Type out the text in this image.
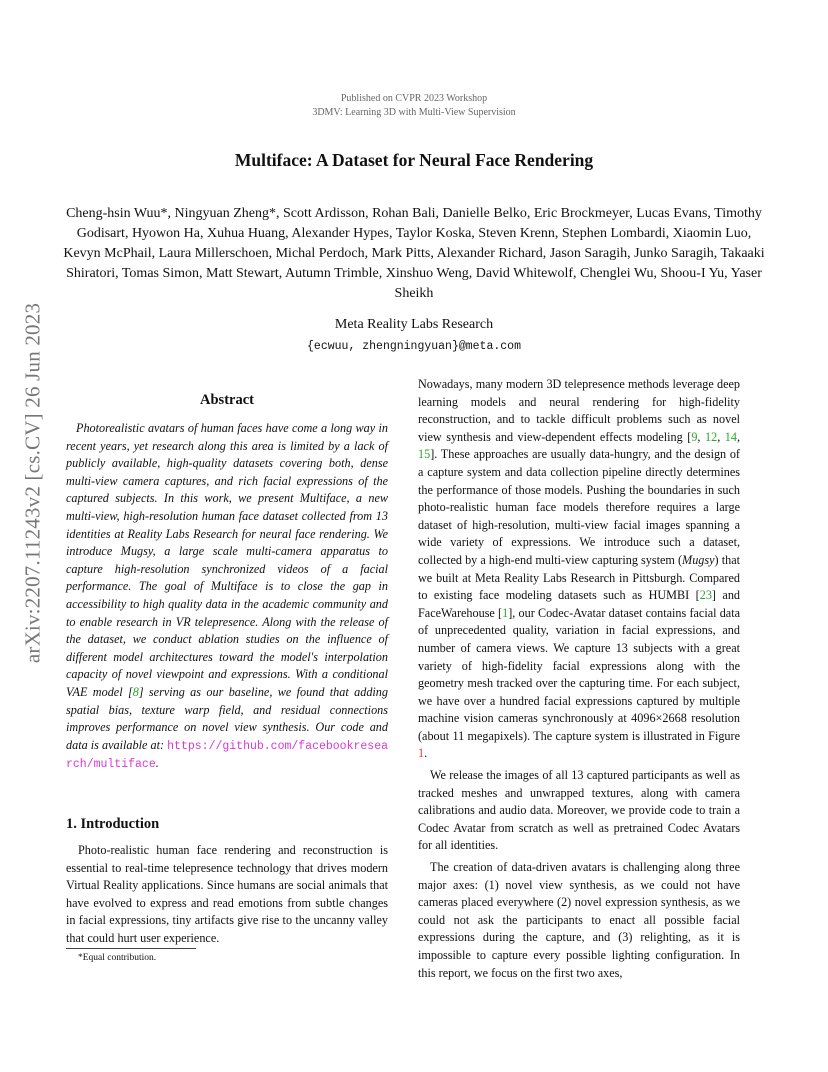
Published on CVPR 2023 Workshop
3DMV: Learning 3D with Multi-View Supervision
Multiface: A Dataset for Neural Face Rendering
Cheng-hsin Wuu*, Ningyuan Zheng*, Scott Ardisson, Rohan Bali, Danielle Belko, Eric Brockmeyer, Lucas Evans, Timothy Godisart, Hyowon Ha, Xuhua Huang, Alexander Hypes, Taylor Koska, Steven Krenn, Stephen Lombardi, Xiaomin Luo, Kevyn McPhail, Laura Millerschoen, Michal Perdoch, Mark Pitts, Alexander Richard, Jason Saragih, Junko Saragih, Takaaki Shiratori, Tomas Simon, Matt Stewart, Autumn Trimble, Xinshuo Weng, David Whitewolf, Chenglei Wu, Shoou-I Yu, Yaser Sheikh
Meta Reality Labs Research
{ecwuu, zhengningyuan}@meta.com
arXiv:2207.11243v2 [cs.CV] 26 Jun 2023	Abstract

Photorealistic avatars of human faces have come a long way in recent years, yet research along this area is limited by a lack of publicly available, high-quality datasets covering both, dense multi-view camera captures, and rich facial expressions of the captured subjects. In this work, we present Multiface, a new multi-view, high-resolution human face dataset collected from 13 identities at Reality Labs Research for neural face rendering. We introduce Mugsy, a large scale multi-camera apparatus to capture high-resolution synchronized videos of a facial performance. The goal of Multiface is to close the gap in accessibility to high quality data in the academic community and to enable research in VR telepresence. Along with the release of the dataset, we conduct ablation studies on the influence of different model architectures toward the model's interpolation capacity of novel viewpoint and expressions. With a conditional VAE model [8] serving as our baseline, we found that adding spatial bias, texture warp field, and residual connections improves performance on novel view synthesis. Our code and data is available at: https://github.com/facebookresearch/multiface.

1. Introduction

Photo-realistic human face rendering and reconstruction is essential to real-time telepresence technology that drives modern Virtual Reality applications. Since humans are social animals that have evolved to express and read emotions from subtle changes in facial expressions, tiny artifacts give rise to the uncanny valley that could hurt user experience.

*Equal contribution.

Nowadays, many modern 3D telepresence methods leverage deep learning models and neural rendering for high-fidelity reconstruction, and to tackle difficult problems such as novel view synthesis and view-dependent effects modeling [9, 12, 14, 15]. These approaches are usually data-hungry, and the design of a capture system and data collection pipeline directly determines the performance of those models. Pushing the boundaries in such photo-realistic human face models therefore requires a large dataset of high-resolution, multi-view facial images spanning a wide variety of expressions. We introduce such a dataset, collected by a high-end multi-view capturing system (Mugsy) that we built at Meta Reality Labs Research in Pittsburgh. Compared to existing face modeling datasets such as HUMBI [23] and FaceWarehouse [1], our Codec-Avatar dataset contains facial data of unprecedented quality, variation in facial expressions, and number of camera views. We capture 13 subjects with a great variety of high-fidelity facial expressions along with the geometry mesh tracked over the capturing time. For each subject, we have over a hundred facial expressions captured by multiple machine vision cameras synchronously at 4096×2668 resolution (about 11 megapixels). The capture system is illustrated in Figure 1.

We release the images of all 13 captured participants as well as tracked meshes and unwrapped textures, along with camera calibrations and audio data. Moreover, we provide code to train a Codec Avatar from scratch as well as pretrained Codec Avatars for all identities.

The creation of data-driven avatars is challenging along three major axes: (1) novel view synthesis, as we could not have cameras placed everywhere (2) novel expression synthesis, as we could not ask the participants to enact all possible facial expressions during the capture, and (3) relighting, as it is impossible to capture every possible lighting configuration. In this report, we focus on the first two axes,
